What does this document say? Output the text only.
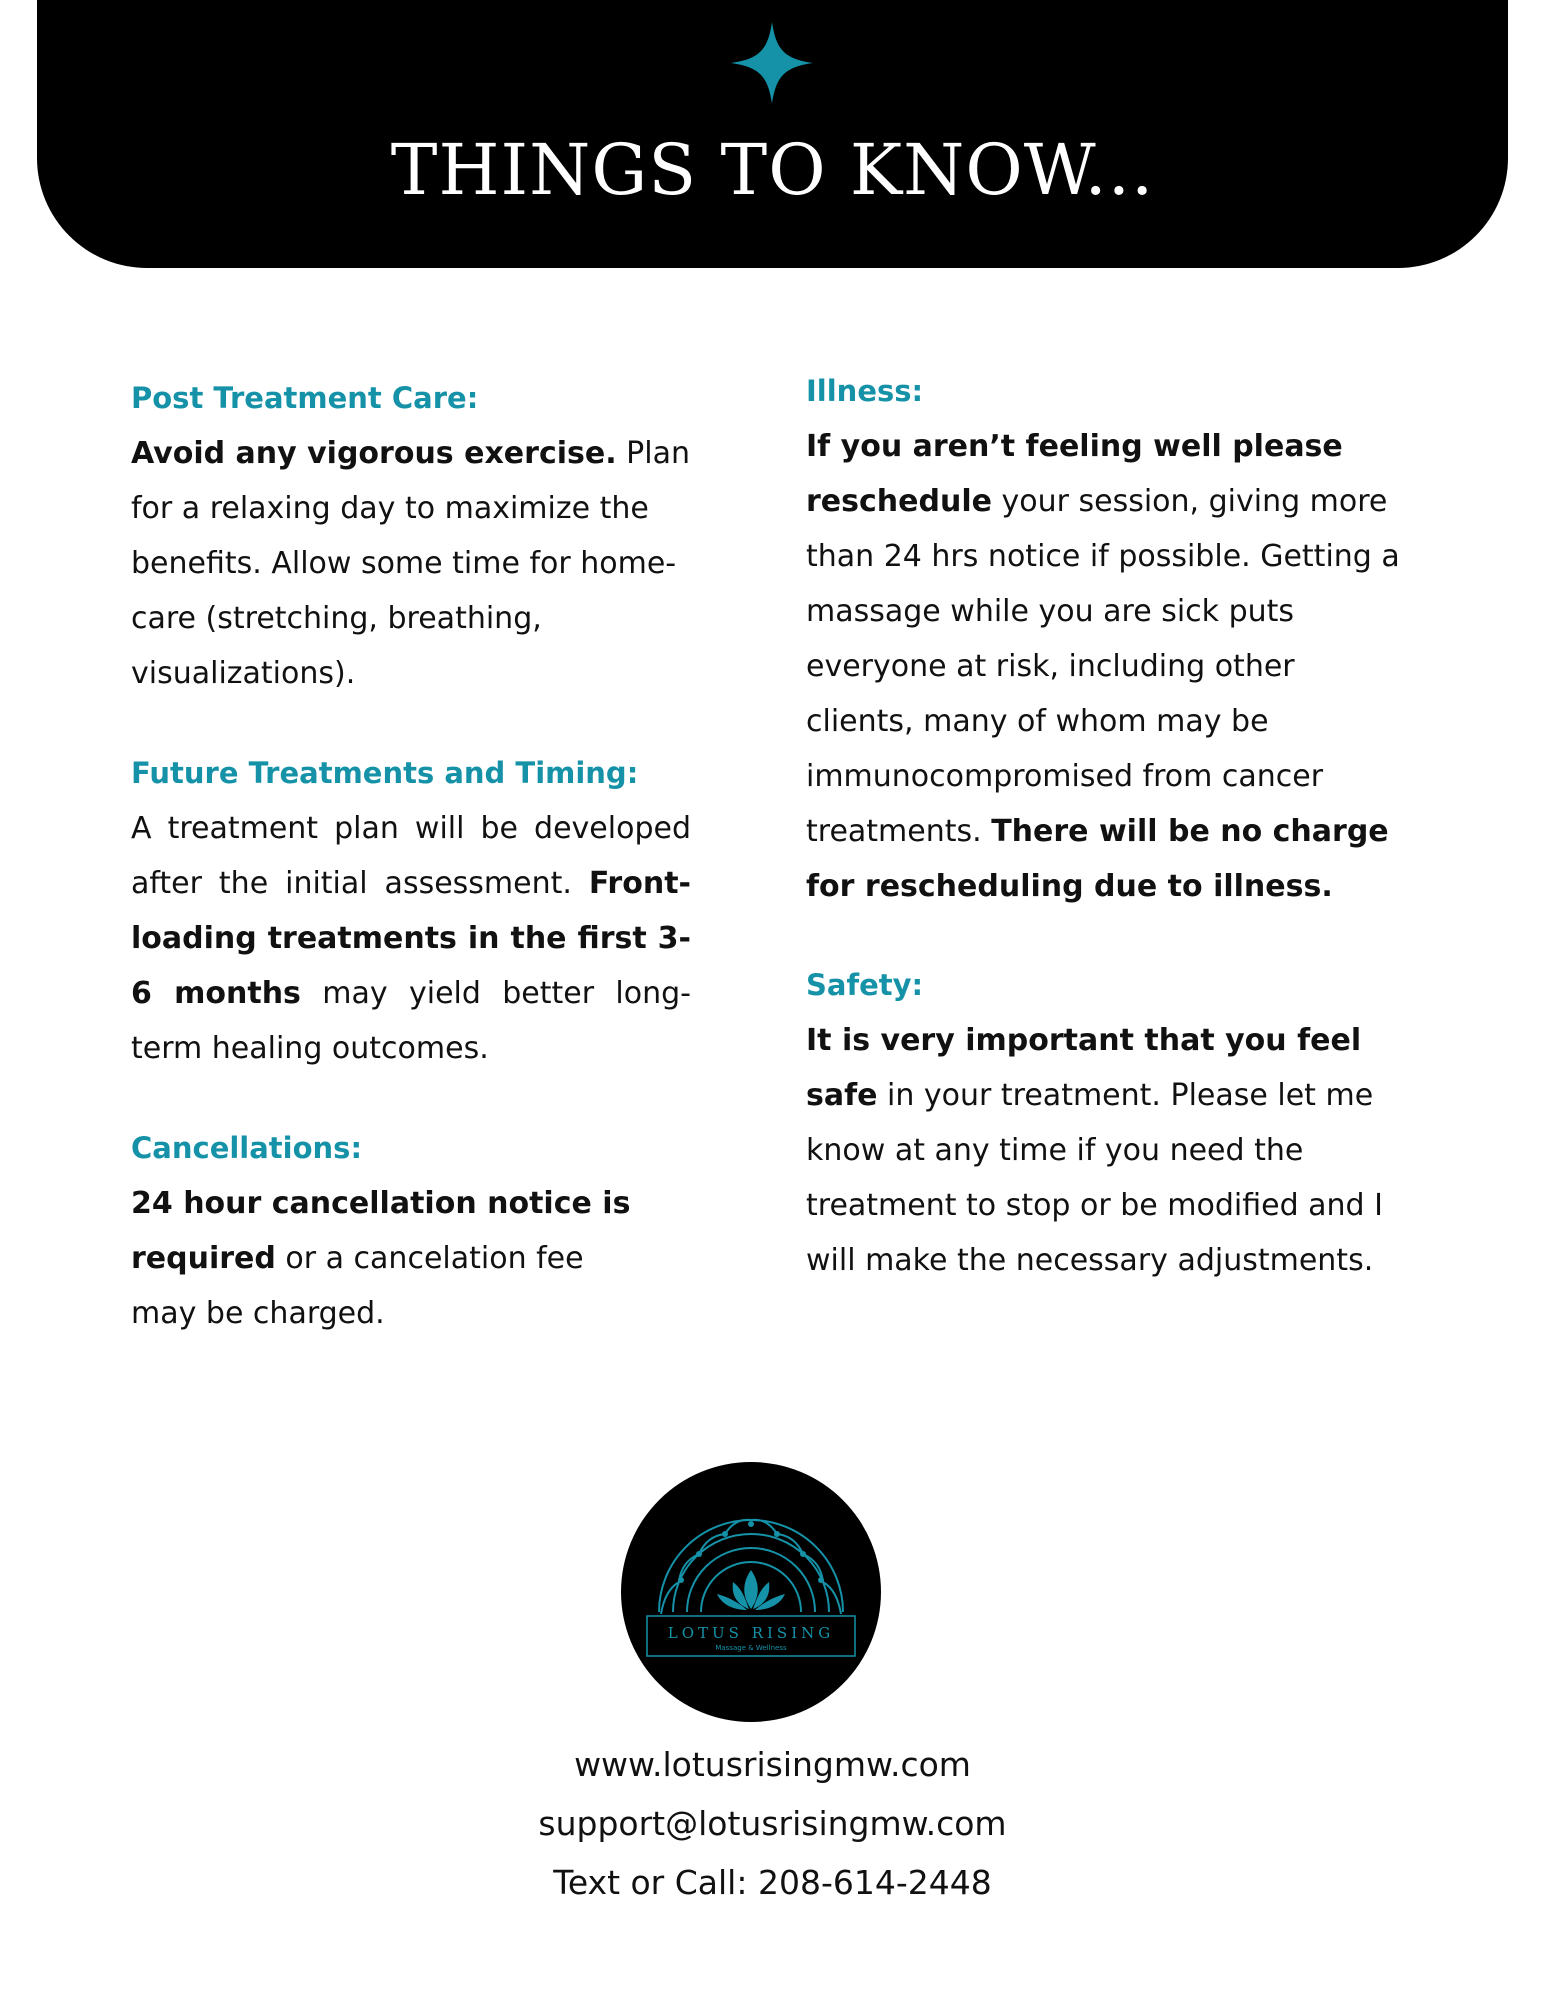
THINGS TO KNOW...

Post Treatment Care:

Avoid any vigorous exercise. Plan for a relaxing day to maximize the benefits. Allow some time for home-care (stretching, breathing, visualizations).

Future Treatments and Timing:

A treatment plan will be developed after the initial assessment. Front-loading treatments in the first 3-6 months may yield better long-term healing outcomes.

Cancellations:

24 hour cancellation notice is required or a cancelation fee may be charged.

Illness:

If you aren’t feeling well please reschedule your session, giving more than 24 hrs notice if possible. Getting a massage while you are sick puts everyone at risk, including other clients, many of whom may be immunocompromised from cancer treatments. There will be no charge for rescheduling due to illness.

Safety:

It is very important that you feel safe in your treatment. Please let me know at any time if you need the treatment to stop or be modified and I will make the necessary adjustments.

LOTUS RISING
Massage & Wellness
www.lotusrisingmw.com
support@lotusrisingmw.com
Text or Call: 208-614-2448
